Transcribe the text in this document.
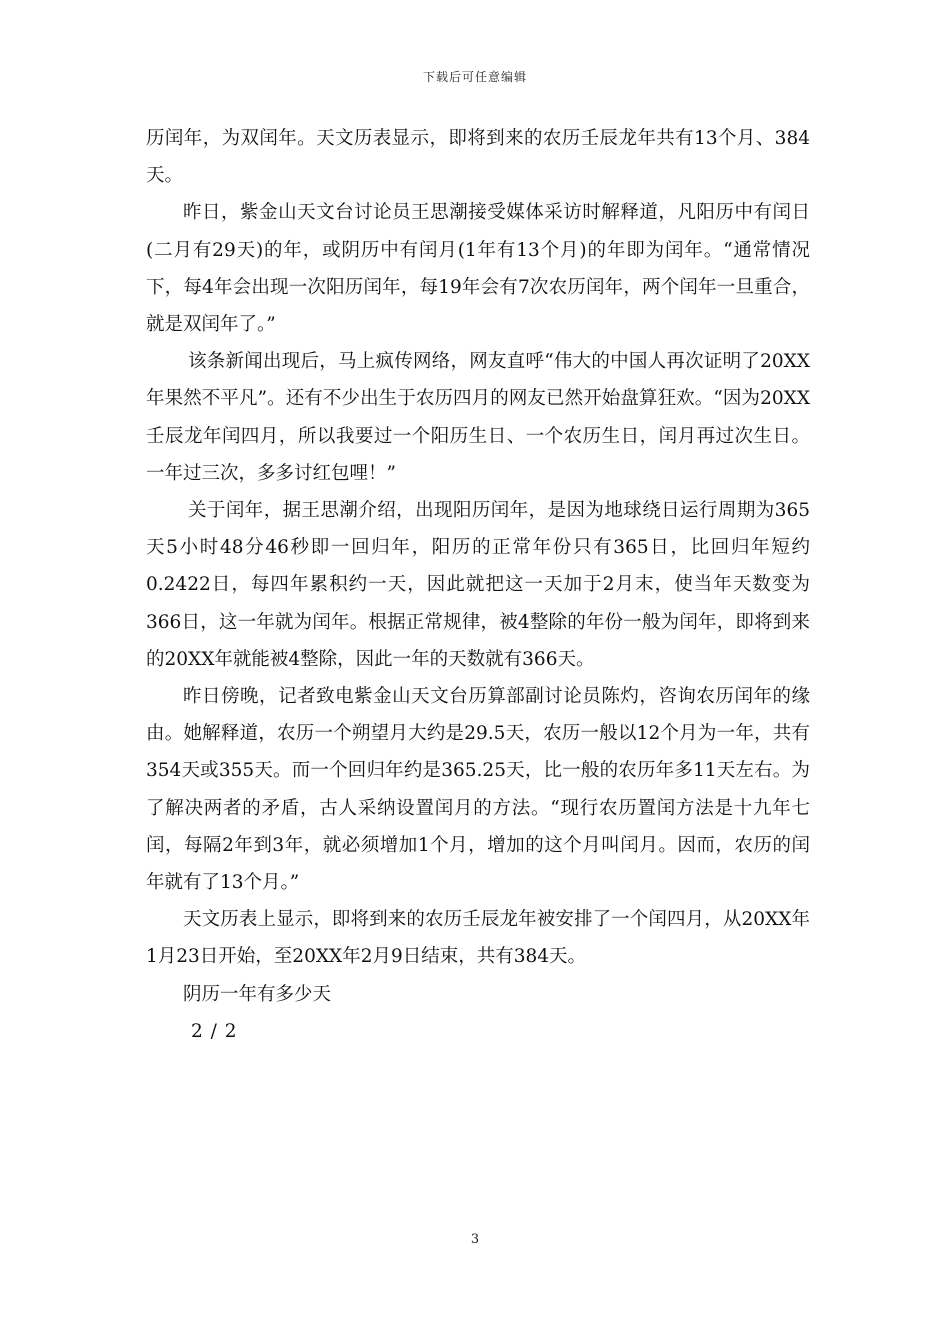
下载后可任意编辑

历闰年，为双闰年。天文历表显示，即将到来的农历壬辰龙年共有13个月、384天。

昨日，紫金山天文台讨论员王思潮接受媒体采访时解释道，凡阳历中有闰日(二月有29天)的年，或阴历中有闰月(1年有13个月)的年即为闰年。“通常情况下，每4年会出现一次阳历闰年，每19年会有7次农历闰年，两个闰年一旦重合，就是双闰年了。”

该条新闻出现后，马上疯传网络，网友直呼“伟大的中国人再次证明了20XX年果然不平凡”。还有不少出生于农历四月的网友已然开始盘算狂欢。“因为20XX壬辰龙年闰四月，所以我要过一个阳历生日、一个农历生日，闰月再过次生日。一年过三次，多多讨红包哩！”

关于闰年，据王思潮介绍，出现阳历闰年，是因为地球绕日运行周期为365天5小时48分46秒即一回归年，阳历的正常年份只有365日，比回归年短约0.2422日，每四年累积约一天，因此就把这一天加于2月末，使当年天数变为366日，这一年就为闰年。根据正常规律，被4整除的年份一般为闰年，即将到来的20XX年就能被4整除，因此一年的天数就有366天。

昨日傍晚，记者致电紫金山天文台历算部副讨论员陈灼，咨询农历闰年的缘由。她解释道，农历一个朔望月大约是29.5天，农历一般以12个月为一年，共有354天或355天。而一个回归年约是365.25天，比一般的农历年多11天左右。为了解决两者的矛盾，古人采纳设置闰月的方法。“现行农历置闰方法是十九年七闰，每隔2年到3年，就必须增加1个月，增加的这个月叫闰月。因而，农历的闰年就有了13个月。”

天文历表上显示，即将到来的农历壬辰龙年被安排了一个闰四月，从20XX年1月23日开始，至20XX年2月9日结束，共有384天。

阴历一年有多少天

2 / 2

3
